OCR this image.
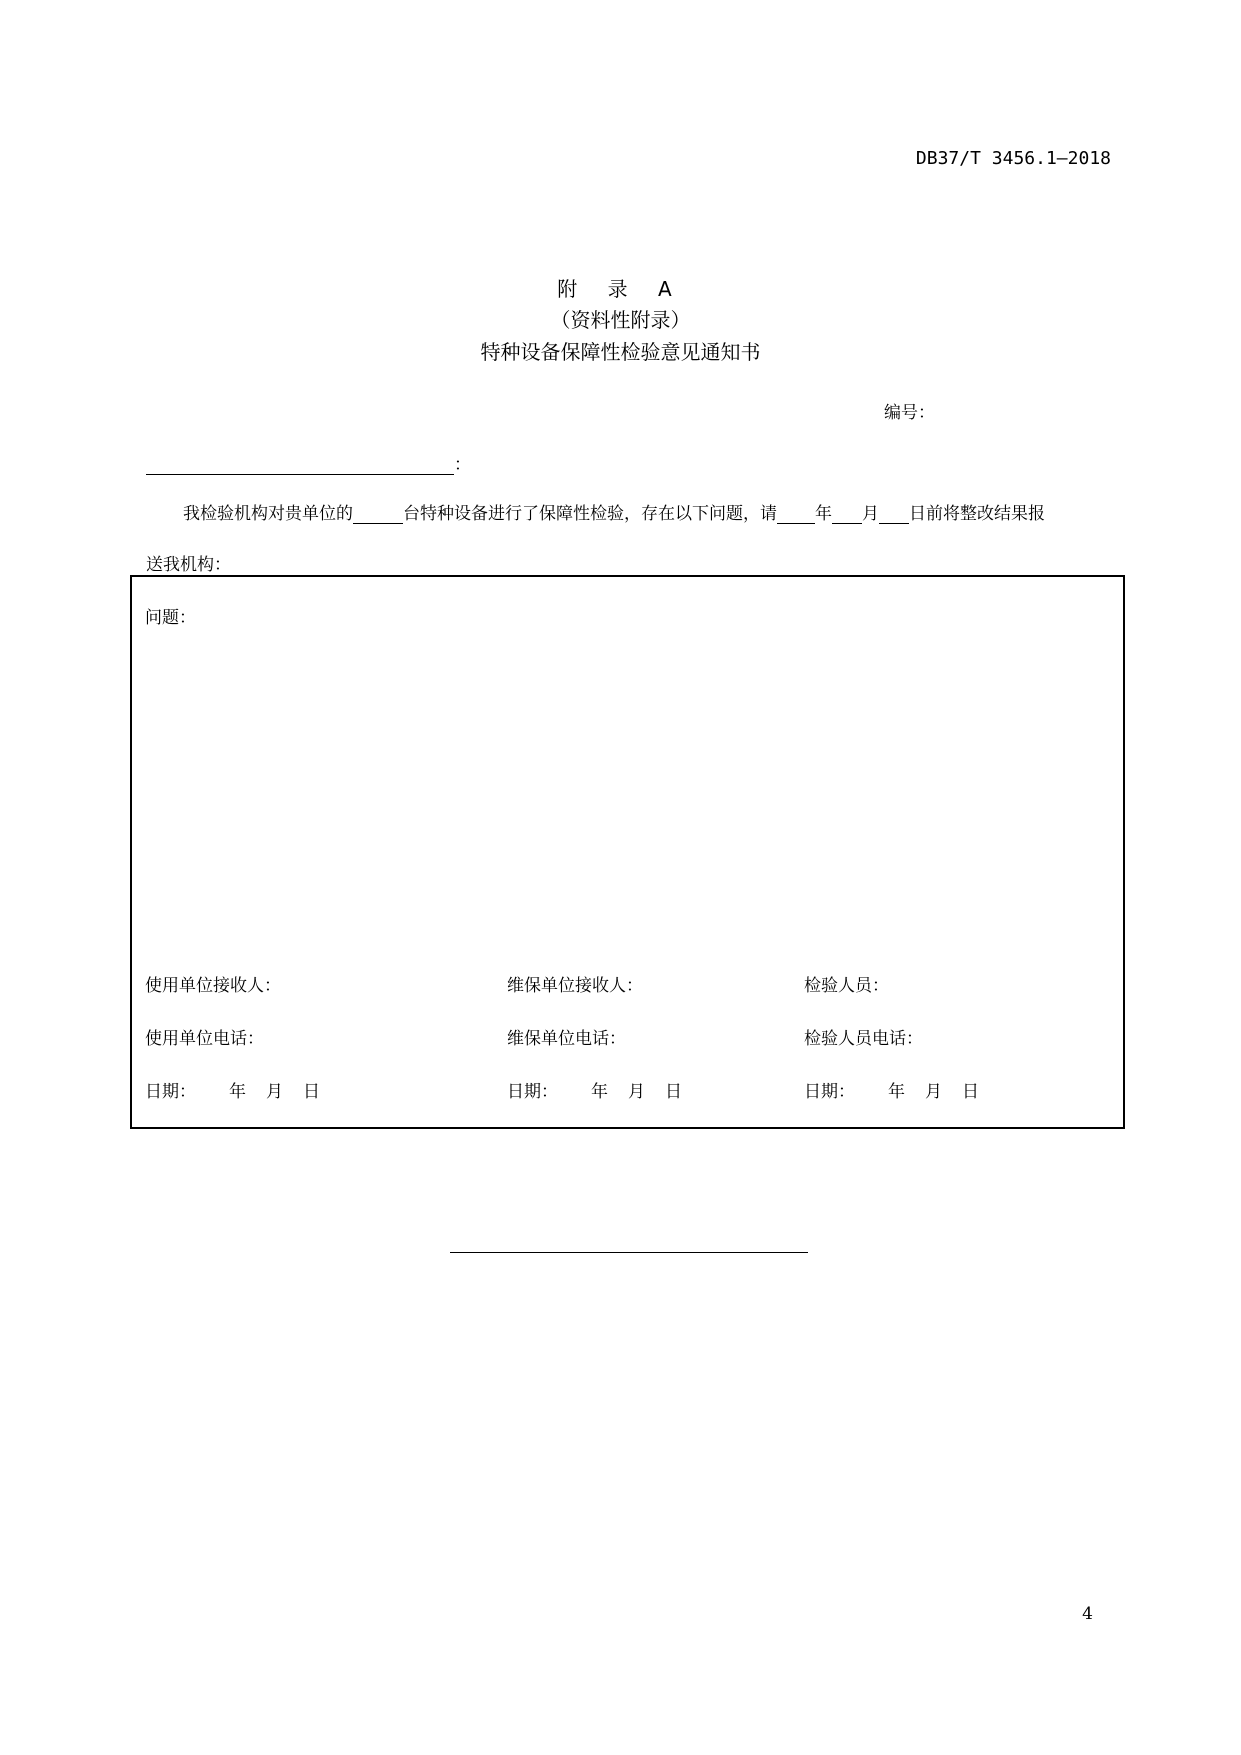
DB37/T 3456.1—2018
附 录 A
（资料性附录）
特种设备保障性检验意见通知书
编号：
：
我检验机构对贵单位的	台特种设备进行了保障性检验，存在以下问题，请 年 月 日前将整改结果报
送我机构：
问题：
使用单位接收人：	维保单位接收人：	检验人员：
使用单位电话：	维保单位电话：	检验人员电话：
日期： 年 月 日	日期： 年 月 日	日期： 年 月 日
4
